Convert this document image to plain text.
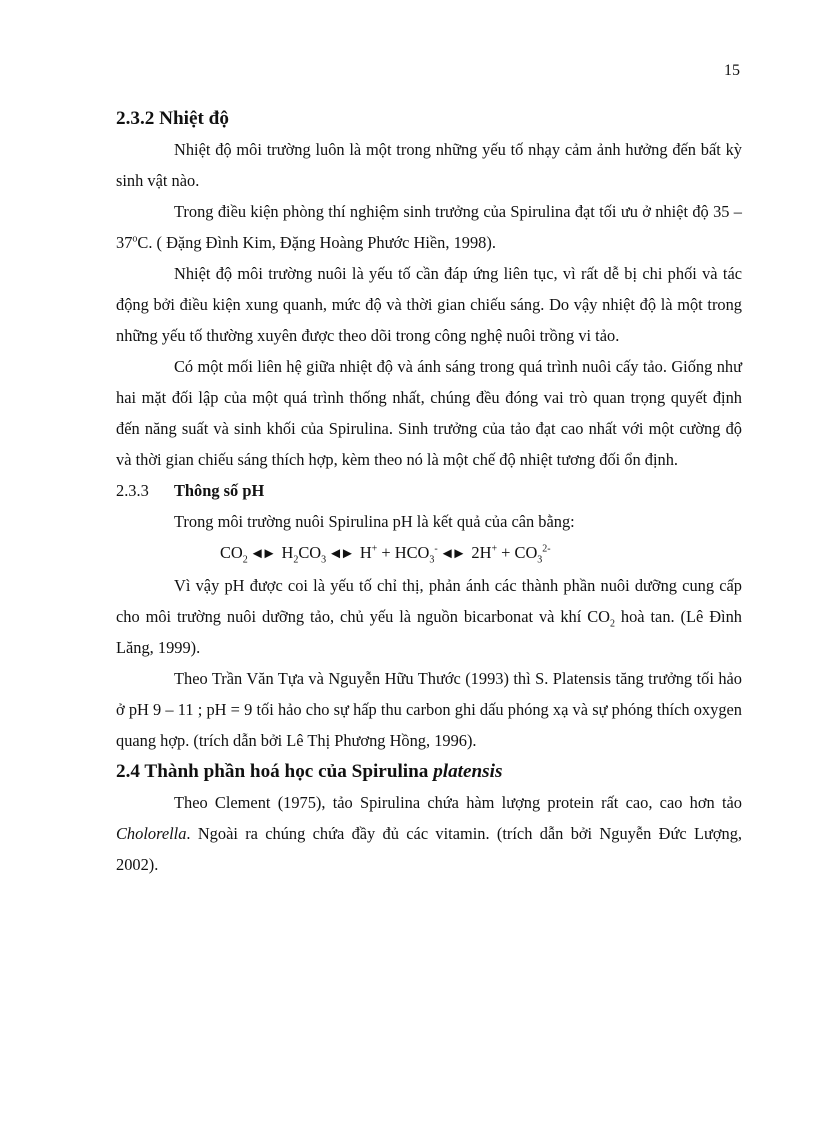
15
2.3.2 Nhiệt độ

Nhiệt độ môi trường luôn là một trong những yếu tố nhạy cảm ảnh hưởng đến bất kỳ sinh vật nào.

Trong điều kiện phòng thí nghiệm sinh trưởng của Spirulina đạt tối ưu ở nhiệt độ 35 – 37$^o$C. ( Đặng Đình Kim, Đặng Hoàng Phước Hiền, 1998).

Nhiệt độ môi trường nuôi là yếu tố cần đáp ứng liên tục, vì rất dễ bị chi phối và tác động bởi điều kiện xung quanh, mức độ và thời gian chiếu sáng. Do vậy nhiệt độ là một trong những yếu tố thường xuyên được theo dõi trong công nghệ nuôi trồng vi tảo.

Có một mối liên hệ giữa nhiệt độ và ánh sáng trong quá trình nuôi cấy tảo. Giống như hai mặt đối lập của một quá trình thống nhất, chúng đều đóng vai trò quan trọng quyết định đến năng suất và sinh khối của Spirulina. Sinh trưởng của tảo đạt cao nhất với một cường độ và thời gian chiếu sáng thích hợp, kèm theo nó là một chế độ nhiệt tương đối ổn định.

2.3.3 Thông số pH

Trong môi trường nuôi Spirulina pH là kết quả của cân bằng:

$CO_2$ ◄► $H_2CO_3$ ◄► $H^+ + HCO_3^-$ ◄► $2H^+ + CO_3^{2-}$

Vì vậy pH được coi là yếu tố chỉ thị, phản ánh các thành phần nuôi dưỡng cung cấp cho môi trường nuôi dưỡng tảo, chủ yếu là nguồn bicarbonat và khí $CO_2$ hoà tan. (Lê Đình Lăng, 1999).

Theo Trần Văn Tựa và Nguyễn Hữu Thước (1993) thì S. Platensis tăng trưởng tối hảo ở pH 9 – 11 ; pH = 9 tối hảo cho sự hấp thu carbon ghi dấu phóng xạ và sự phóng thích oxygen quang hợp. (trích dẫn bởi Lê Thị Phương Hồng, 1996).

2.4 Thành phần hoá học của Spirulina platensis

Theo Clement (1975), tảo Spirulina chứa hàm lượng protein rất cao, cao hơn tảo Cholorella. Ngoài ra chúng chứa đầy đủ các vitamin. (trích dẫn bởi Nguyễn Đức Lượng, 2002).
